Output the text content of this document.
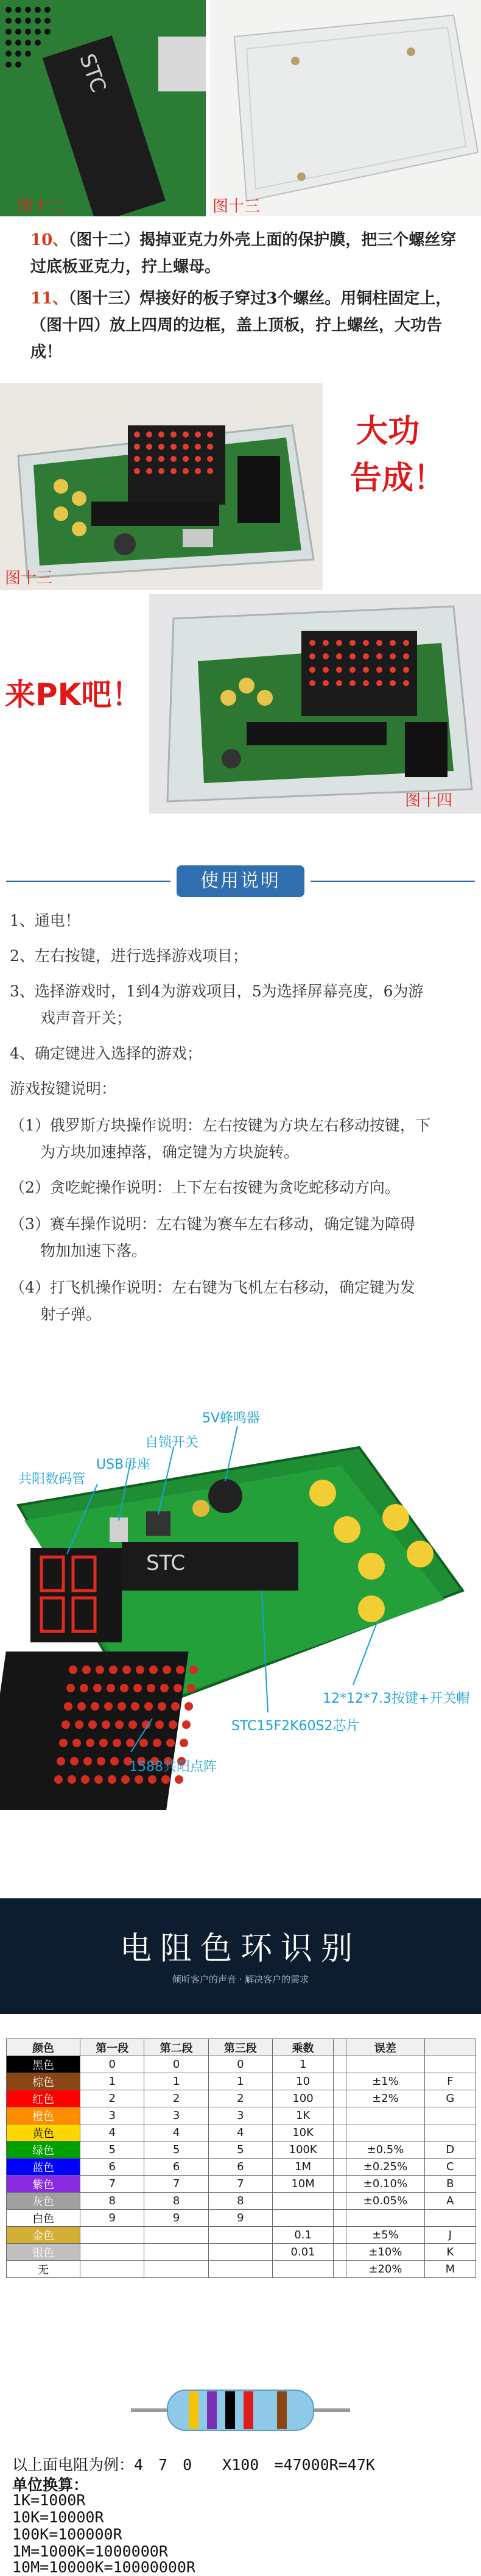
STC
图十二	图十三
10、（图十二）揭掉亚克力外壳上面的保护膜，把三个螺丝穿过底板亚克力，拧上螺母。
11、（图十三）焊接好的板子穿过3个螺丝。用铜柱固定上，（图十四）放上四周的边框，盖上顶板，拧上螺丝，大功告成！
图十三
大功
告成！
图十四
来PK吧！
使用说明
1、通电！
2、左右按键，进行选择游戏项目；
3、选择游戏时，1到4为游戏项目，5为选择屏幕亮度，6为游
　　戏声音开关；
4、确定键进入选择的游戏；
游戏按键说明：
（1）俄罗斯方块操作说明：左右按键为方块左右移动按键，下
　　为方块加速掉落，确定键为方块旋转。
（2）贪吃蛇操作说明：上下左右按键为贪吃蛇移动方向。
（3）赛车操作说明：左右键为赛车左右移动，确定键为障碍
　　物加加速下落。
（4）打飞机操作说明：左右键为飞机左右移动，确定键为发
　　射子弹。
5V蜂鸣器
自锁开关
USB母座
共阳数码管
STC
12*12*7.3按键+开关帽
STC15F2K60S2芯片
1588共阳点阵
电阻色环识别
倾听客户的声音 · 解决客户的需求
颜色	第一段	第二段	第三段	乘数		误差	
黑色	0	0	0	1			
棕色	1	1	1	10		±1%	F
红色	2	2	2	100		±2%	G
橙色	3	3	3	1K			
黄色	4	4	4	10K			
绿色	5	5	5	100K		±0.5%	D
蓝色	6	6	6	1M		±0.25%	C
紫色	7	7	7	10M		±0.10%	B
灰色	8	8	8			±0.05%	A
白色	9	9	9				
金色				0.1		±5%	J
银色				0.01		±10%	K
无						±20%	M
以上面电阻为例：4　7　0　　X100　=47000R=47K
单位换算：
1K=1000R
10K=10000R
100K=100000R
1M=1000K=1000000R
10M=10000K=10000000R
